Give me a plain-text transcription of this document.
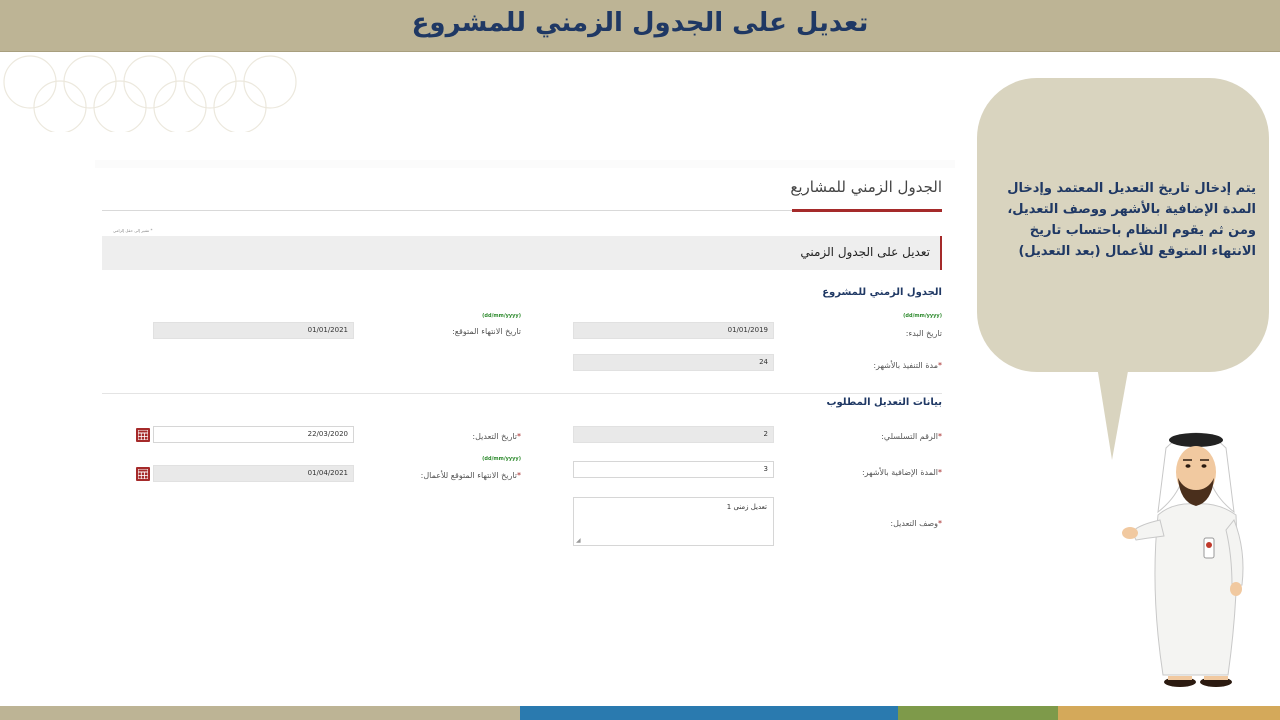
تعديل على الجدول الزمني للمشروع
الجدول الزمني للمشاريع
* تشير إلى حقل إلزامي
تعديل على الجدول الزمني
الجدول الزمني للمشروع
(dd/mm/yyyy)
تاريخ البدء:
01/01/2019
(dd/mm/yyyy)
تاريخ الانتهاء المتوقع:
01/01/2021
*مدة التنفيذ بالأشهر:
24
بيانات التعديل المطلوب
*الرقم التسلسلي:
2
*تاريخ التعديل:
22/03/2020
(dd/mm/yyyy)
*المدة الإضافية بالأشهر:
3
*تاريخ الانتهاء المتوقع للأعمال:
01/04/2021
*وصف التعديل:
تعديل زمنى 1
◢
يتم إدخال تاريخ التعديل المعتمد وإدخال المدة الإضافية بالأشهر ووصف التعديل، ومن ثم يقوم النظام باحتساب تاريخ الانتهاء المتوقع للأعمال (بعد التعديل)
